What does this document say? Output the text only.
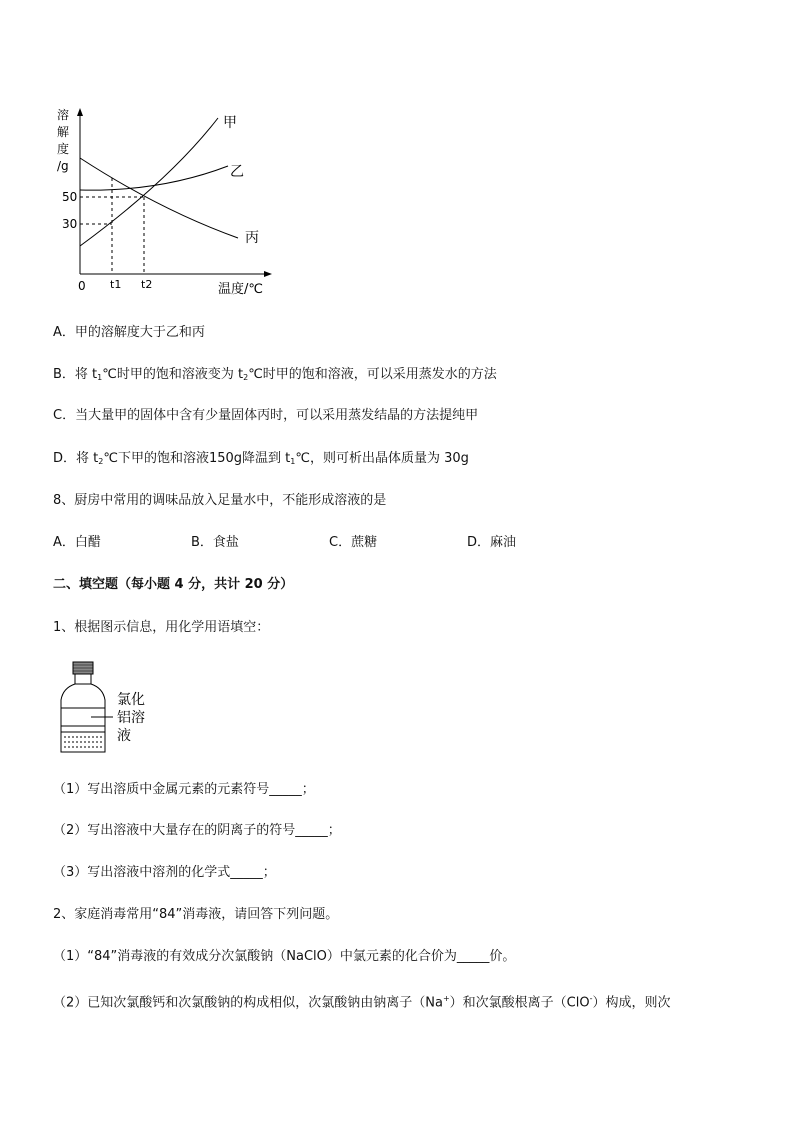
溶
解
度
/g
50
30
0 t1 t2	温度/℃
甲
乙
丙
A．甲的溶解度大于乙和丙
B．将 $t_1℃$时甲的饱和溶液变为 $t_2℃$时甲的饱和溶液，可以采用蒸发水的方法
C．当大量甲的固体中含有少量固体丙时，可以采用蒸发结晶的方法提纯甲
D．将 $t_2℃$下甲的饱和溶液150g降温到 $t_1℃$，则可析出晶体质量为 30g
8、厨房中常用的调味品放入足量水中，不能形成溶液的是
A．白醋	B．食盐	C．蔗糖	D．麻油
二、填空题（每小题 4 分，共计 20 分）
1、根据图示信息，用化学用语填空：
氯化
铝溶
液
（1）写出溶质中金属元素的元素符号_____；
（2）写出溶液中大量存在的阴离子的符号_____；
（3）写出溶液中溶剂的化学式_____；
2、家庭消毒常用“84”消毒液，请回答下列问题。
（1）“84”消毒液的有效成分次氯酸钠（NaClO）中氯元素的化合价为_____价。
（2）已知次氯酸钙和次氯酸钠的构成相似，次氯酸钠由钠离子（Na+）和次氯酸根离子（ClO-）构成，则次
